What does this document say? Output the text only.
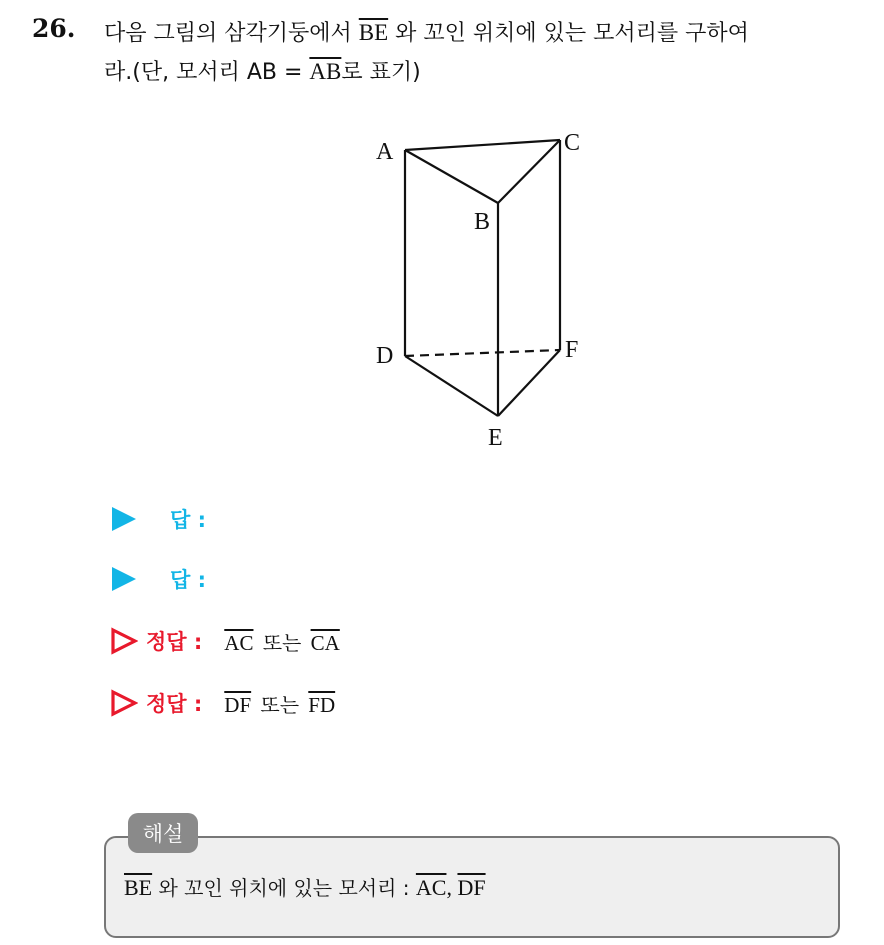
26. 다음 그림의 삼각기둥에서 $\overline{BE}$ 와 꼬인 위치에 있는 모서리를 구하여
라.(단, 모서리 AB = $\overline{AB}$로 표기)
A	C
B
D	F
E
답 :
답 :
정답 : $\overline{AC}$ 또는 $\overline{CA}$
정답 : $\overline{DF}$ 또는 $\overline{FD}$
해설
$\overline{BE}$ 와 꼬인 위치에 있는 모서리 : $\overline{AC}$, $\overline{DF}$
